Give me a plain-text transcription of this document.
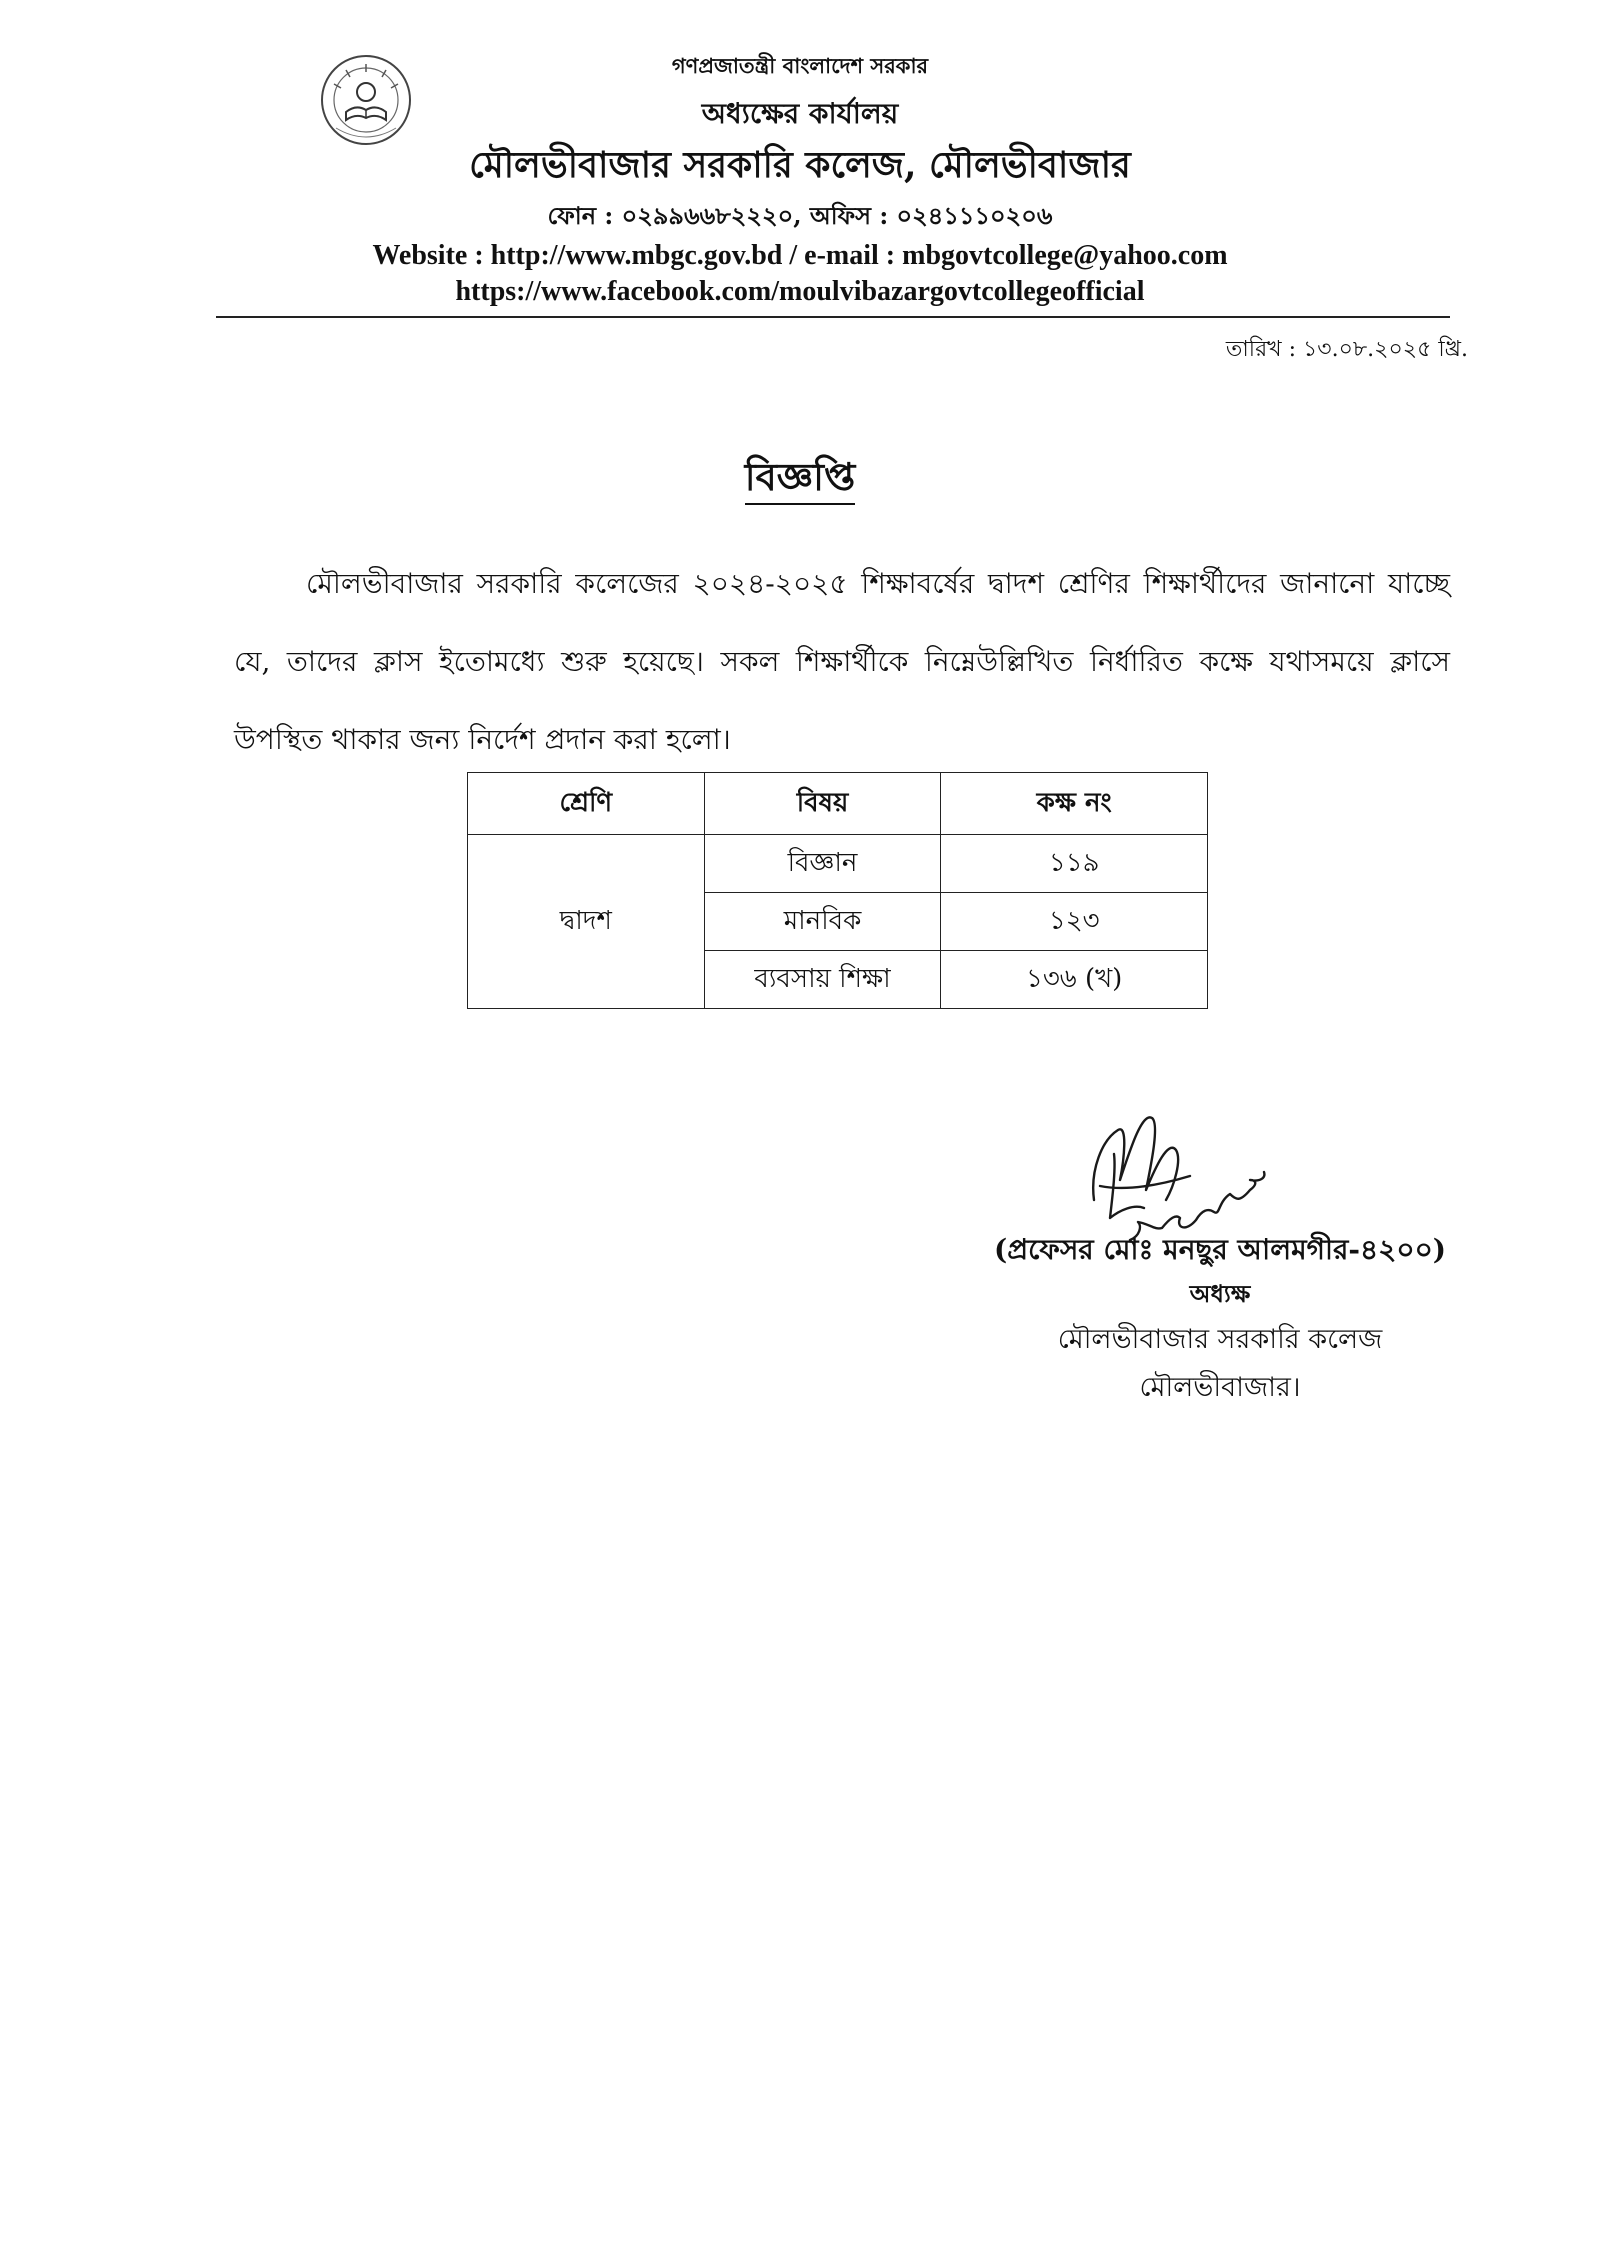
গণপ্রজাতন্ত্রী বাংলাদেশ সরকার
অধ্যক্ষের কার্যালয়
মৌলভীবাজার সরকারি কলেজ, মৌলভীবাজার
ফোন : ০২৯৯৬৬৮২২২০, অফিস : ০২৪১১১০২০৬
Website : http://www.mbgc.gov.bd / e-mail : mbgovtcollege@yahoo.com
https://www.facebook.com/moulvibazargovtcollegeofficial
তারিখ : ১৩.০৮.২০২৫ খ্রি.
বিজ্ঞপ্তি
মৌলভীবাজার সরকারি কলেজের ২০২৪-২০২৫ শিক্ষাবর্ষের দ্বাদশ শ্রেণির শিক্ষার্থীদের জানানো যাচ্ছে যে, তাদের ক্লাস ইতোমধ্যে শুরু হয়েছে। সকল শিক্ষার্থীকে নিম্নেউল্লিখিত নির্ধারিত কক্ষে যথাসময়ে ক্লাসে উপস্থিত থাকার জন্য নির্দেশ প্রদান করা হলো।
শ্রেণি	বিষয়	কক্ষ নং
দ্বাদশ	বিজ্ঞান	১১৯
	মানবিক	১২৩
	ব্যবসায় শিক্ষা	১৩৬ (খ)
(প্রফেসর মোঃ মনছুর আলমগীর-৪২০০)
অধ্যক্ষ
মৌলভীবাজার সরকারি কলেজ
মৌলভীবাজার।
